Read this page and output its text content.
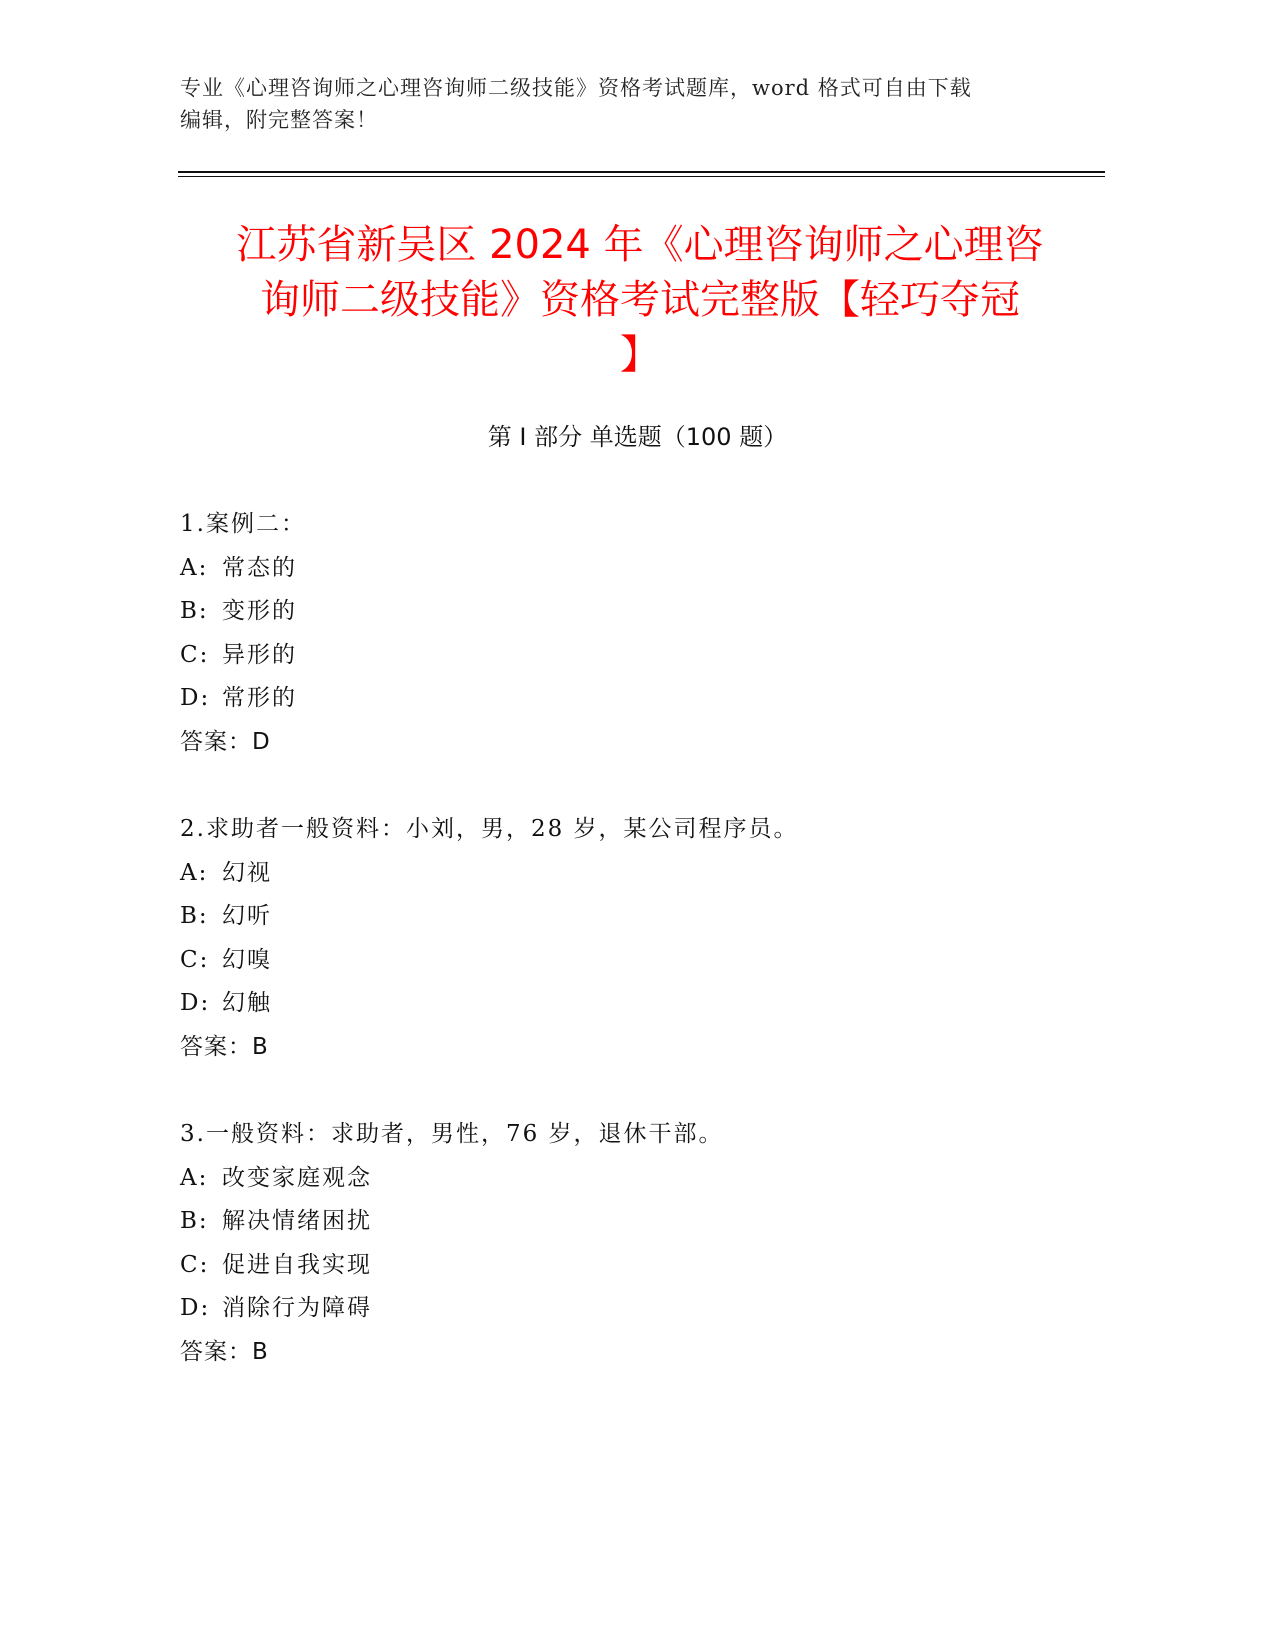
专业《心理咨询师之心理咨询师二级技能》资格考试题库，word 格式可自由下载
编辑，附完整答案！
江苏省新吴区 2024 年《心理咨询师之心理咨
询师二级技能》资格考试完整版【轻巧夺冠
】
第 I 部分 单选题（100 题）
1.案例二：
A: 常态的
B: 变形的
C: 异形的
D: 常形的
答案：D
2.求助者一般资料：小刘，男，28 岁，某公司程序员。
A: 幻视
B: 幻听
C: 幻嗅
D: 幻触
答案：B
3.一般资料：求助者，男性，76 岁，退休干部。
A: 改变家庭观念
B: 解决情绪困扰
C: 促进自我实现
D: 消除行为障碍
答案：B
